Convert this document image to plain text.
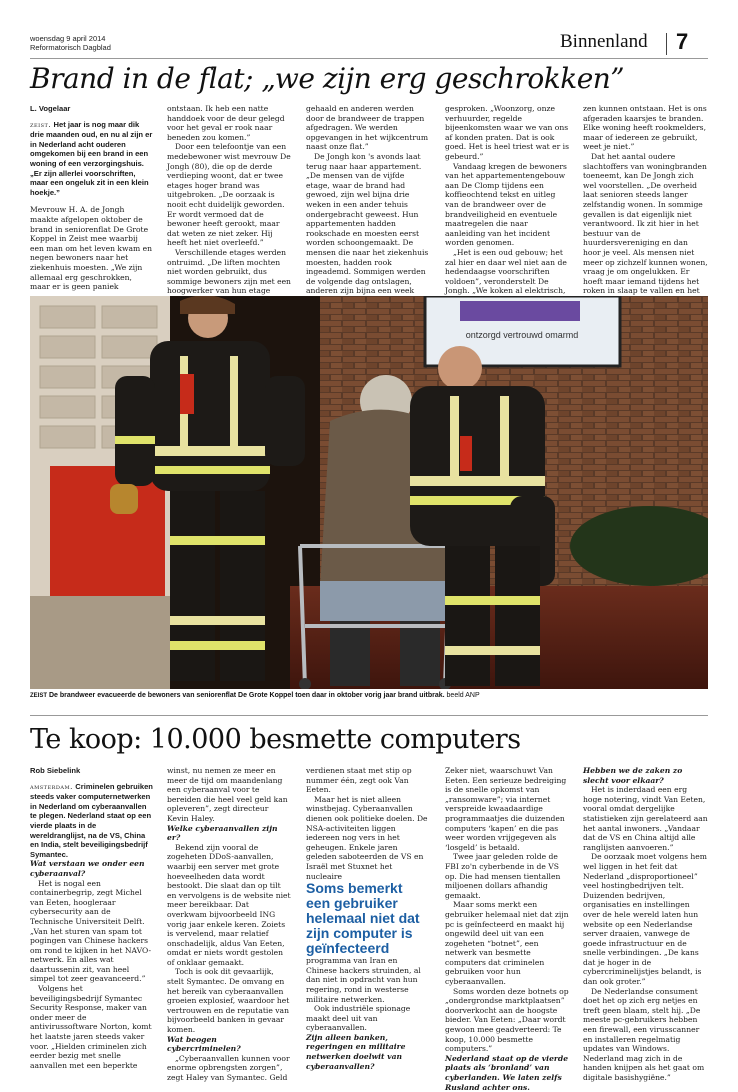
woensdag 9 april 2014
Reformatorisch Dagblad	Binnenland 7
Brand in de flat; „we zijn erg geschrokken”
L. Vogelaar

zeist. Het jaar is nog maar dik drie maanden oud, en nu al zijn er in Nederland acht ouderen omgekomen bij een brand in een woning of een verzorgingshuis. „Er zijn allerlei voorschriften, maar een ongeluk zit in een klein hoekje.”

Mevrouw H. A. de Jongh maakte afgelopen oktober de brand in seniorenflat De Grote Koppel in Zeist mee waarbij een man om het leven kwam en negen bewoners naar het ziekenhuis moesten. „We zijn allemaal erg geschrokken, maar er is geen paniek

ontstaan. Ik heb een natte handdoek voor de deur gelegd voor het geval er rook naar beneden zou komen.”

Door een telefoontje van een medebewoner wist mevrouw De Jongh (80), die op de derde verdieping woont, dat er twee etages hoger brand was uitgebroken. „De oorzaak is nooit echt duidelijk geworden. Er wordt vermoed dat de bewoner heeft gerookt, maar dat weten ze niet zeker. Hij heeft het niet overleefd.”

Verschillende etages werden ontruimd. „De liften mochten niet worden gebruikt, dus sommige bewoners zijn met een hoogwerker van hun etage

gehaald en anderen werden door de brandweer de trappen afgedragen. We werden opgevangen in het wijkcentrum naast onze flat.”

De Jongh kon 's avonds laat terug naar haar appartement. „De mensen van de vijfde etage, waar de brand had gewoed, zijn wel bijna drie weken in een ander tehuis ondergebracht geweest. Hun appartementen hadden rookschade en moesten eerst worden schoongemaakt. De mensen die naar het ziekenhuis moesten, hadden rook ingeademd. Sommigen werden de volgende dag ontslagen, anderen zijn bijna een week

gesproken. „Woonzorg, onze verhuurder, regelde bijeenkomsten waar we van ons af konden praten. Dat is ook goed. Het is heel triest wat er is gebeurd.”

Vandaag kregen de bewoners van het appartementengebouw aan De Clomp tijdens een koffieochtend tekst en uitleg van de brandweer over de brandveiligheid en eventuele maatregelen die naar aanleiding van het incident worden genomen.

„Het is een oud gebouw; het zal hier en daar wel niet aan de hedendaagse voorschriften voldoen”, veronderstelt De Jongh. „We koken al elektrisch,

zen kunnen ontstaan. Het is ons afgeraden kaarsjes te branden. Elke woning heeft rookmelders, maar of iedereen ze gebruikt, weet je niet.”

Dat het aantal oudere slachtoffers van woningbranden toeneemt, kan De Jongh zich wel voorstellen. „De overheid laat senioren steeds langer zelfstandig wonen. In sommige gevallen is dat eigenlijk niet verantwoord. Ik zit hier in het bestuur van de huurdersvereniging en dan hoor je veel. Als mensen niet meer op zichzelf kunnen wonen, vraag je om ongelukken. Er hoeft maar iemand tijdens het roken in slaap te vallen en het

ontzorgd vertrouwd omarmd
ZEIST De brandweer evacueerde de bewoners van seniorenflat De Grote Koppel toen daar in oktober vorig jaar brand uitbrak. beeld ANP
Te koop: 10.000 besmette computers
Rob Siebelink

amsterdam. Criminelen gebruiken steeds vaker computernetwerken in Nederland om cyberaanvallen te plegen. Nederland staat op een vierde plaats in de wereldranglijst, na de VS, China en India, stelt beveiligingsbedrijf Symantec.

Wat verstaan we onder een cyberaanval?

Het is nogal een containerbegrip, zegt Michel van Eeten, hoogleraar cybersecurity aan de Technische Universiteit Delft. „Van het sturen van spam tot pogingen van Chinese hackers om rond te kijken in het NAVO-netwerk. En alles wat daartussenin zit, van heel simpel tot zeer geavanceerd.”

Volgens het beveiligingsbedrijf Symantec Security Response, maker van onder meer de antivirussoftware Norton, komt het laatste jaren steeds vaker voor. „Hielden criminelen zich eerder bezig met snelle aanvallen met een beperkte

winst, nu nemen ze meer en meer de tijd om maandenlang een cyberaanval voor te bereiden die heel veel geld kan opleveren”, zegt directeur Kevin Haley.

Welke cyberaanvallen zijn er?

Bekend zijn vooral de zogeheten DDoS-aanvallen, waarbij een server met grote hoeveelheden data wordt bestookt. Die slaat dan op tilt en vervolgens is de website niet meer bereikbaar. Dat overkwam bijvoorbeeld ING vorig jaar enkele keren. Zoiets is vervelend, maar relatief onschadelijk, aldus Van Eeten, omdat er niets wordt gestolen of onklaar gemaakt.

Toch is ook dit gevaarlijk, stelt Symantec. De omvang en het bereik van cyberaanvallen groeien explosief, waardoor het vertrouwen en de reputatie van bijvoorbeeld banken in gevaar komen.

Wat beogen cybercriminelen?

„Cyberaanvallen kunnen voor enorme opbrengsten zorgen”, zegt Haley van Symantec. Geld

verdienen staat met stip op nummer één, zegt ook Van Eeten.

Maar het is niet alleen winstbejag. Cyberaanvallen dienen ook politieke doelen. De NSA-activiteiten liggen iedereen nog vers in het geheugen. Enkele jaren geleden saboteerden de VS en Israël met Stuxnet het nucleaire

Soms bemerkt een gebruiker helemaal niet dat zijn computer is geïnfecteerd

programma van Iran en Chinese hackers struinden, al dan niet in opdracht van hun regering, rond in westerse militaire netwerken.

Ook industriële spionage maakt deel uit van cyberaanvallen.

Zijn alleen banken, regeringen en militaire netwerken doelwit van cyberaanvallen?

Zeker niet, waarschuwt Van Eeten. Een serieuze bedreiging is de snelle opkomst van „ransomware”; via internet verspreide kwaadaardige programmaatjes die duizenden computers ‘kapen’ en die pas weer worden vrijgegeven als ‘losgeld’ is betaald.

Twee jaar geleden rolde de FBI zo'n cyberbende in de VS op. Die had mensen tientallen miljoenen dollars afhandig gemaakt.

Maar soms merkt een gebruiker helemaal niet dat zijn pc is geïnfecteerd en maakt hij ongewild deel uit van een zogeheten “botnet”, een netwerk van besmette computers dat criminelen gebruiken voor hun cyberaanvallen.

Soms worden deze botnets op „ondergrondse marktplaatsen” doorverkocht aan de hoogste bieder. Van Eeten: „Daar wordt gewoon mee geadverteerd: Te koop, 10.000 besmette computers.”

Nederland staat op de vierde plaats als ‘bronland’ van cyberlanden. We laten zelfs Rusland achter ons.

Hebben we de zaken zo slecht voor elkaar?

Het is inderdaad een erg hoge notering, vindt Van Eeten, vooral omdat dergelijke statistieken zijn gerelateerd aan het aantal inwoners. „Vandaar dat de VS en China altijd alle ranglijsten aanvoeren.”

De oorzaak moet volgens hem wel liggen in het feit dat Nederland „disproportioneel” veel hostingbedrijven telt. Duizenden bedrijven, organisaties en instellingen over de hele wereld laten hun website op een Nederlandse server draaien, vanwege de goede infrastructuur en de snelle verbindingen. „De kans dat je hoger in de cybercriminelijstjes belandt, is dan ook groter.”

De Nederlandse consument doet het op zich erg netjes en treft geen blaam, stelt hij. „De meeste pc-gebruikers hebben een firewall, een virusscanner en installeren regelmatig updates van Windows. Nederland mag zich in de handen knijpen als het gaat om digitale basishygiëne.”
